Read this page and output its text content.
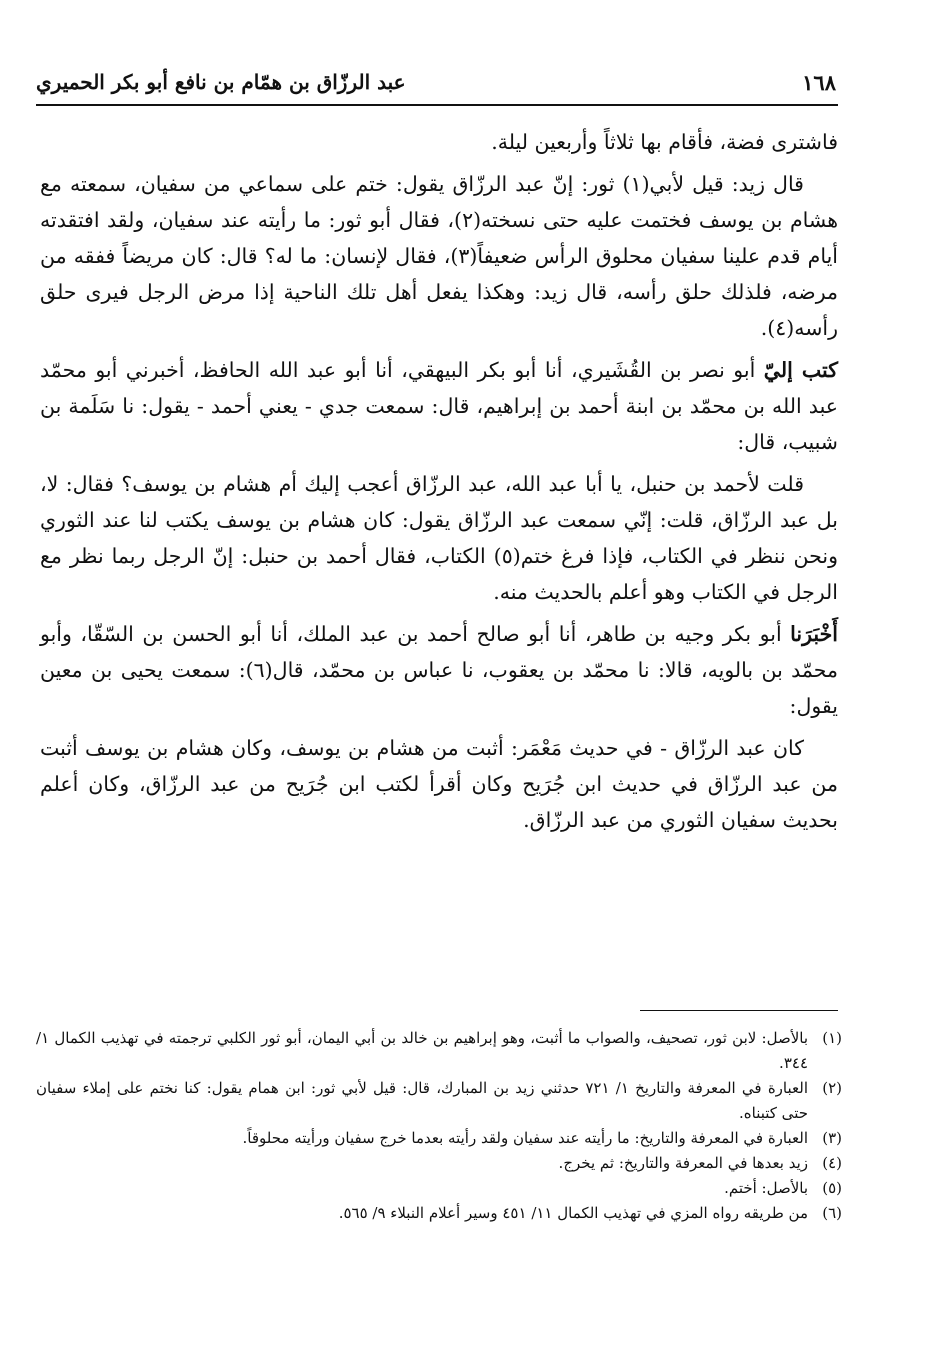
١٦٨
عبد الرزّاق بن همّام بن نافع أبو بكر الحميري

فاشترى فضة، فأقام بها ثلاثاً وأربعين ليلة.

قال زيد: قيل لأبي(١) ثور: إنّ عبد الرزّاق يقول: ختم على سماعي من سفيان، سمعته مع هشام بن يوسف فختمت عليه حتى نسخته(٢)، فقال أبو ثور: ما رأيته عند سفيان، ولقد افتقدته أيام قدم علينا سفيان محلوق الرأس ضعيفاً(٣)، فقال لإنسان: ما له؟ قال: كان مريضاً ففقه من مرضه، فلذلك حلق رأسه، قال زيد: وهكذا يفعل أهل تلك الناحية إذا مرض الرجل فيرى حلق رأسه(٤).

كتب إليّ أبو نصر بن القُشَيري، أنا أبو بكر البيهقي، أنا أبو عبد الله الحافظ، أخبرني أبو محمّد عبد الله بن محمّد بن ابنة أحمد بن إبراهيم، قال: سمعت جدي - يعني أحمد - يقول: نا سَلَمة بن شبيب، قال:

قلت لأحمد بن حنبل، يا أبا عبد الله، عبد الرزّاق أعجب إليك أم هشام بن يوسف؟ فقال: لا، بل عبد الرزّاق، قلت: إنّي سمعت عبد الرزّاق يقول: كان هشام بن يوسف يكتب لنا عند الثوري ونحن ننظر في الكتاب، فإذا فرغ ختم(٥) الكتاب، فقال أحمد بن حنبل: إنّ الرجل ربما نظر مع الرجل في الكتاب وهو أعلم بالحديث منه.

أَخْبَرَنا أبو بكر وجيه بن طاهر، أنا أبو صالح أحمد بن عبد الملك، أنا أبو الحسن بن السّقّا، وأبو محمّد بن بالويه، قالا: نا محمّد بن يعقوب، نا عباس بن محمّد، قال(٦): سمعت يحيى بن معين يقول:

كان عبد الرزّاق - في حديث مَعْمَر: أثبت من هشام بن يوسف، وكان هشام بن يوسف أثبت من عبد الرزّاق في حديث ابن جُرَيح وكان أقرأ لكتب ابن جُرَيح من عبد الرزّاق، وكان أعلم بحديث سفيان الثوري من عبد الرزّاق.

(١)
بالأصل: لابن ثور، تصحيف، والصواب ما أثبت، وهو إبراهيم بن خالد بن أبي اليمان، أبو ثور الكلبي ترجمته في تهذيب الكمال ١/ ٣٤٤.

(٢)
العبارة في المعرفة والتاريخ ١/ ٧٢١ حدثني زيد بن المبارك، قال: قيل لأبي ثور: ابن همام يقول: كنا نختم على إملاء سفيان حتى كتبناه.

(٣)
العبارة في المعرفة والتاريخ: ما رأيته عند سفيان ولقد رأيته بعدما خرج سفيان ورأيته محلوقاً.

(٤)
زيد بعدها في المعرفة والتاريخ: ثم يخرج.

(٥)
بالأصل: أختم.

(٦)
من طريقه رواه المزي في تهذيب الكمال ١١/ ٤٥١ وسير أعلام النبلاء ٩/ ٥٦٥.
